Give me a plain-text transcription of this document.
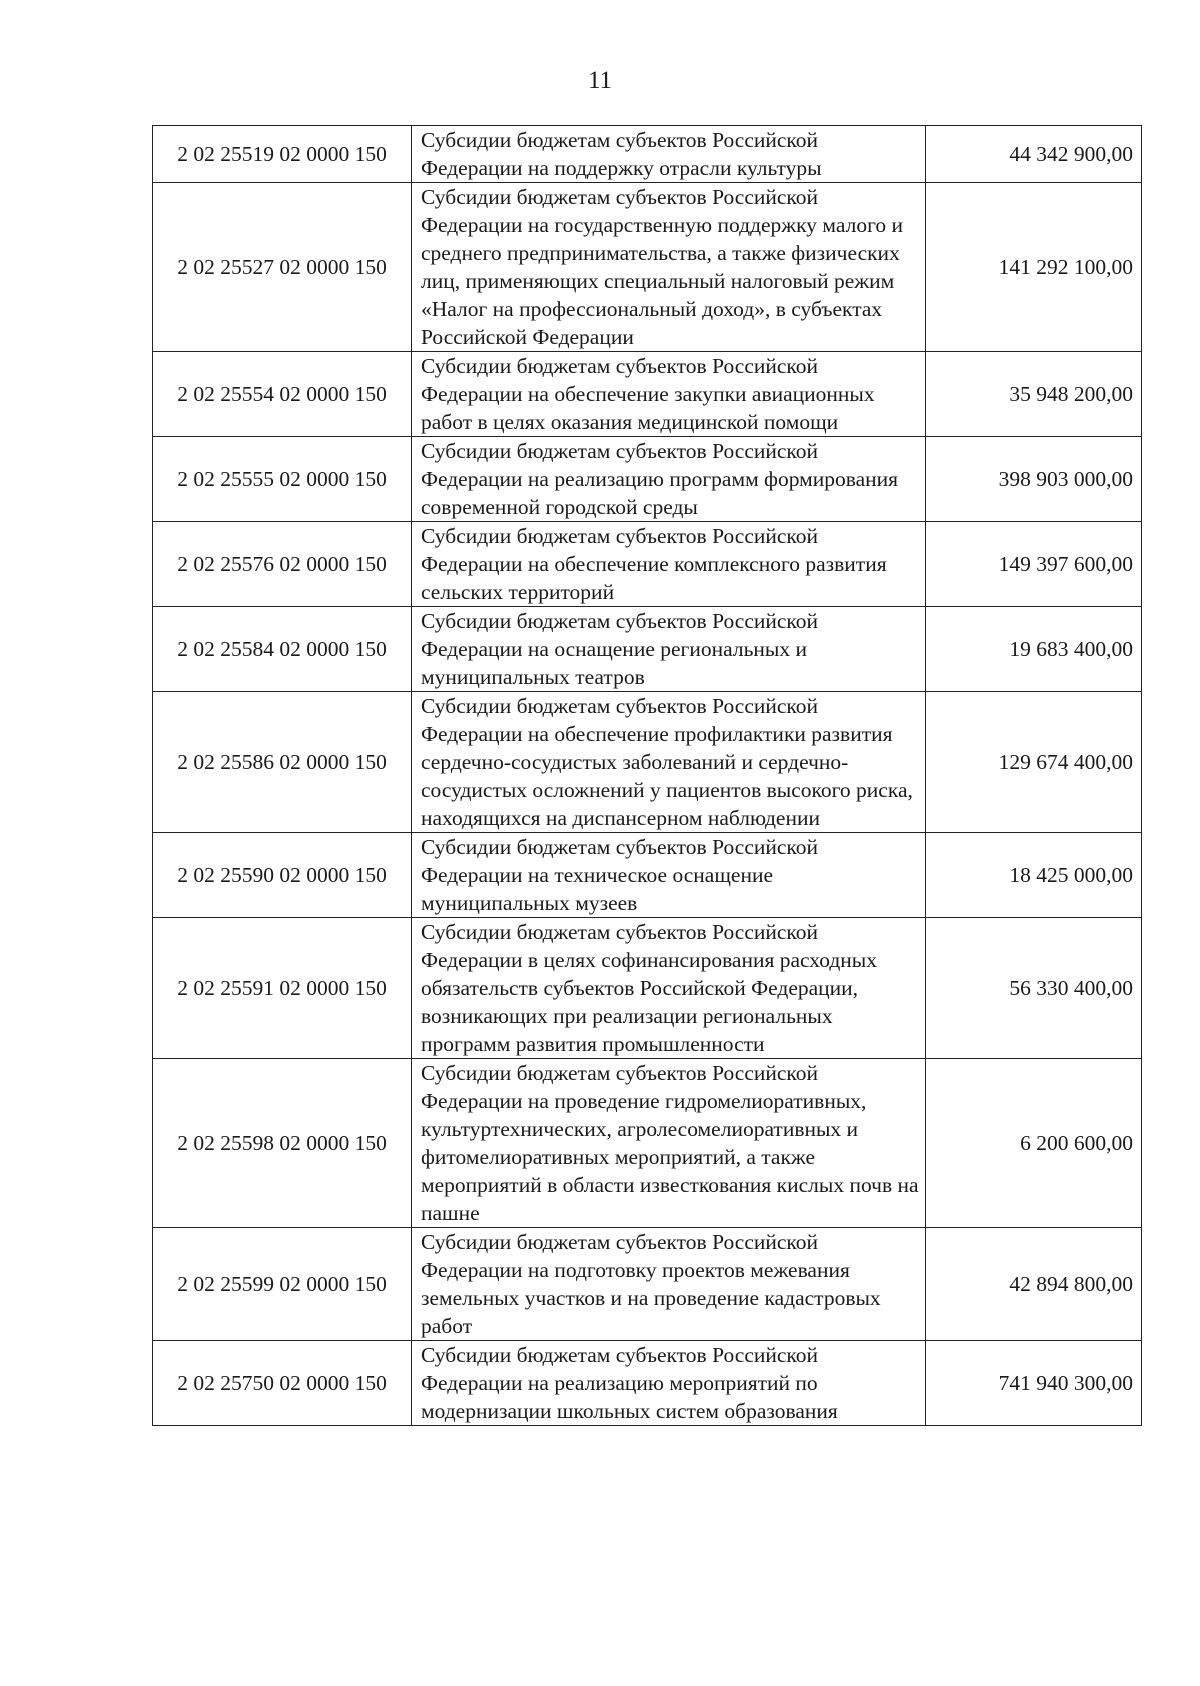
11
2 02 25519 02 0000 150	Субсидии бюджетам субъектов Российской Федерации на поддержку отрасли культуры	44 342 900,00
2 02 25527 02 0000 150	Субсидии бюджетам субъектов Российской Федерации на государственную поддержку малого и среднего предпринимательства, а также физических лиц, применяющих специальный налоговый режим «Налог на профессиональный доход», в субъектах Российской Федерации	141 292 100,00
2 02 25554 02 0000 150	Субсидии бюджетам субъектов Российской Федерации на обеспечение закупки авиационных работ в целях оказания медицинской помощи	35 948 200,00
2 02 25555 02 0000 150	Субсидии бюджетам субъектов Российской Федерации на реализацию программ формирования современной городской среды	398 903 000,00
2 02 25576 02 0000 150	Субсидии бюджетам субъектов Российской Федерации на обеспечение комплексного развития сельских территорий	149 397 600,00
2 02 25584 02 0000 150	Субсидии бюджетам субъектов Российской Федерации на оснащение региональных и муниципальных театров	19 683 400,00
2 02 25586 02 0000 150	Субсидии бюджетам субъектов Российской Федерации на обеспечение профилактики развития сердечно-сосудистых заболеваний и сердечно-сосудистых осложнений у пациентов высокого риска, находящихся на диспансерном наблюдении	129 674 400,00
2 02 25590 02 0000 150	Субсидии бюджетам субъектов Российской Федерации на техническое оснащение муниципальных музеев	18 425 000,00
2 02 25591 02 0000 150	Субсидии бюджетам субъектов Российской Федерации в целях софинансирования расходных обязательств субъектов Российской Федерации, возникающих при реализации региональных программ развития промышленности	56 330 400,00
2 02 25598 02 0000 150	Субсидии бюджетам субъектов Российской Федерации на проведение гидромелиоративных, культуртехнических, агролесомелиоративных и фитомелиоративных мероприятий, а также мероприятий в области известкования кислых почв на пашне	6 200 600,00
2 02 25599 02 0000 150	Субсидии бюджетам субъектов Российской Федерации на подготовку проектов межевания земельных участков и на проведение кадастровых работ	42 894 800,00
2 02 25750 02 0000 150	Субсидии бюджетам субъектов Российской Федерации на реализацию мероприятий по модернизации школьных систем образования	741 940 300,00
